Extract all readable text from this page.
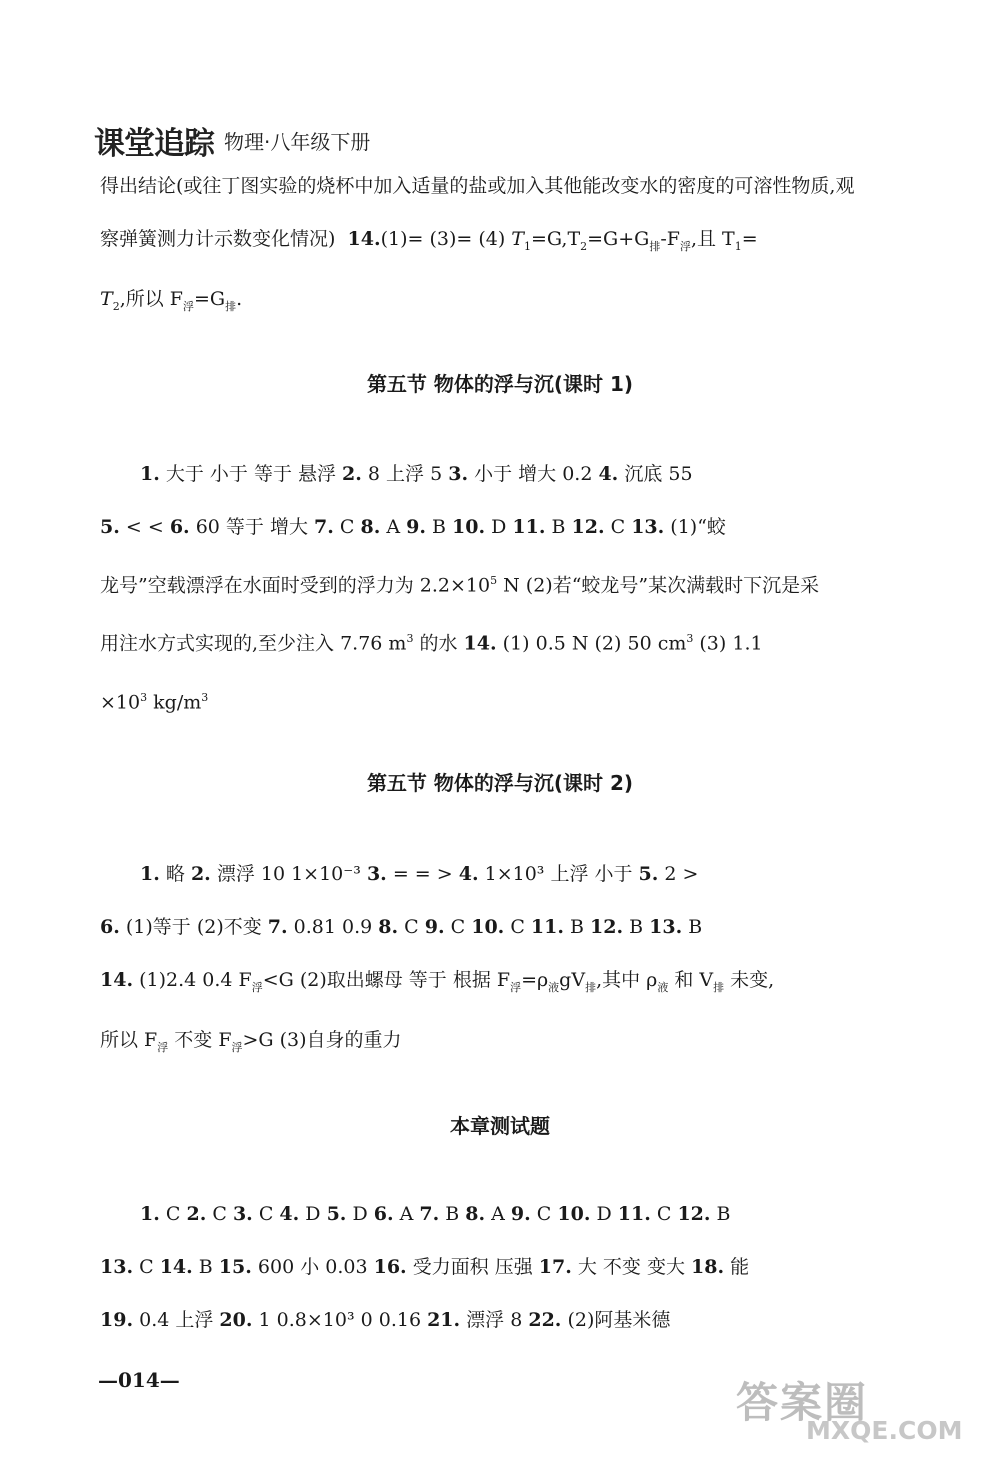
课堂追踪 物理·八年级下册

得出结论(或往丁图实验的烧杯中加入适量的盐或加入其他能改变水的密度的可溶性物质,观
察弹簧测力计示数变化情况) 14.(1)= (3)= (4) $T_1=G,T_2=G+G_排-F_浮$,且 $T_1=$
$T_2$,所以 $F_浮=G_排$.

第五节 物体的浮与沉(课时 1)

1. 大于 小于 等于 悬浮 2. 8 上浮 5 3. 小于 增大 0.2 4. 沉底 55
5. < < 6. 60 等于 增大 7. C 8. A 9. B 10. D 11. B 12. C 13. (1)“蛟
龙号”空载漂浮在水面时受到的浮力为 $2.2\times 10^5$ N (2)若“蛟龙号”某次满载时下沉是采
用注水方式实现的,至少注入 7.76 $m^3$ 的水 14. (1) 0.5 N (2) 50 $cm^3$ (3) 1.1
$\times 10^3$ $kg/m^3$

第五节 物体的浮与沉(课时 2)

1. 略 2. 漂浮 10 1×10⁻³ 3. = = > 4. 1×10³ 上浮 小于 5. 2 >
6. (1)等于 (2)不变 7. 0.81 0.9 8. C 9. C 10. C 11. B 12. B 13. B
14. (1)2.4 0.4 $F_浮<G$ (2)取出螺母 等于 根据 $F_浮=\rho_液gV_排$,其中 $\rho_液$ 和 $V_排$ 未变,
所以 $F_浮$ 不变 $F_浮>G$ (3)自身的重力

本章测试题

1. C 2. C 3. C 4. D 5. D 6. A 7. B 8. A 9. C 10. D 11. C 12. B
13. C 14. B 15. 600 小 0.03 16. 受力面积 压强 17. 大 不变 变大 18. 能
19. 0.4 上浮 20. 1 0.8×10³ 0 0.16 21. 漂浮 8 22. (2)阿基米德

—014—	答案圈
MXQE.COM
